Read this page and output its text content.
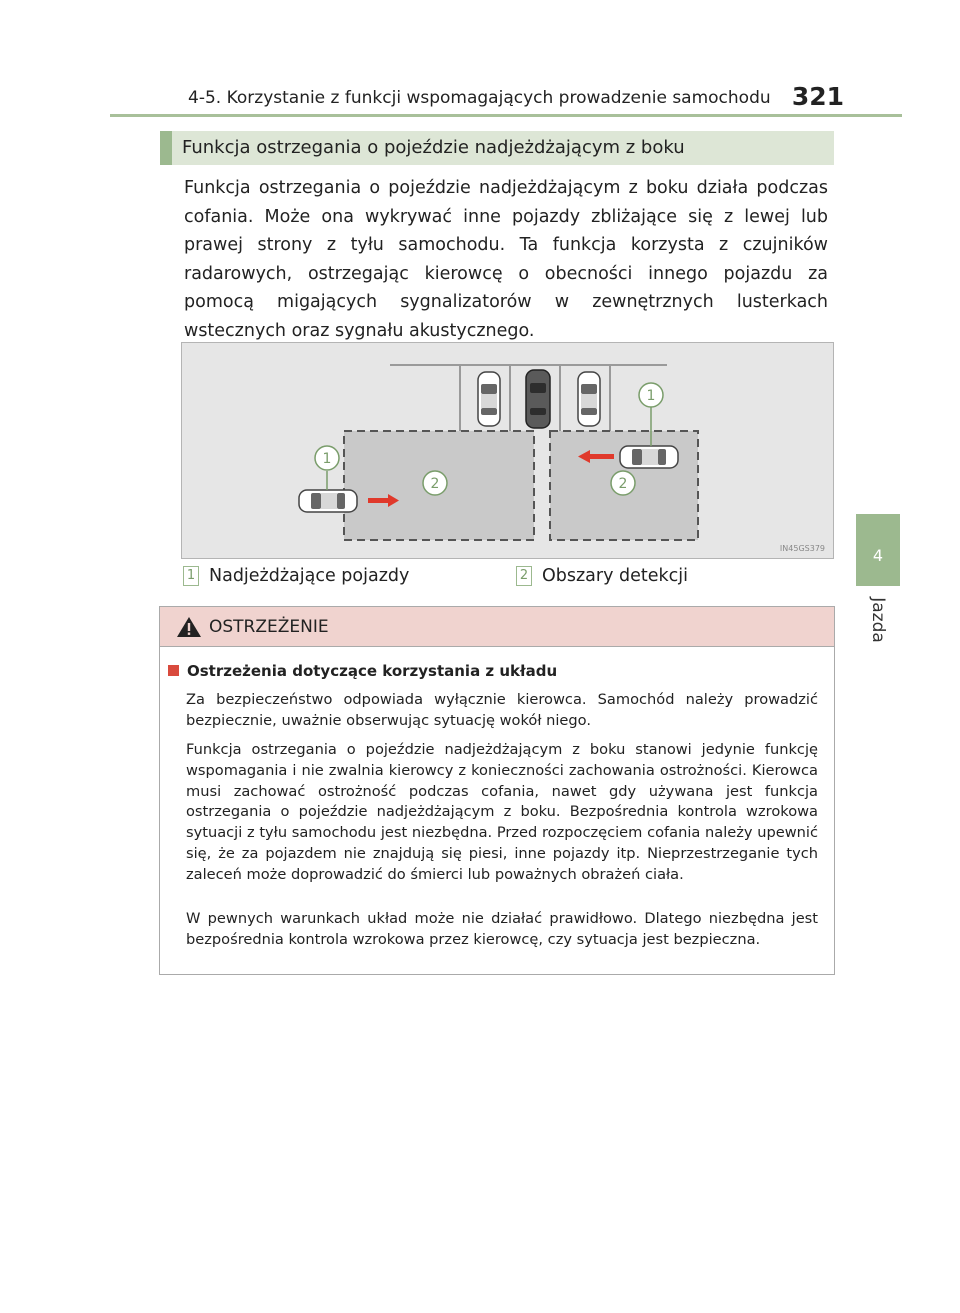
4-5. Korzystanie z funkcji wspomagających prowadzenie samochodu 321
4
Jazda
Funkcja ostrzegania o pojeździe nadjeżdżającym z boku

Funkcja ostrzegania o pojeździe nadjeżdżającym z boku działa podczas cofania. Może ona wykrywać inne pojazdy zbliżające się z lewej lub prawej strony z tyłu samochodu. Ta funkcja korzysta z czujników radarowych, ostrzegając kierowcę o obecności innego pojazdu za pomocą migających sygnalizatorów w zewnętrznych lusterkach wstecznych oraz sygnału akustycznego.

1
2
1
2
IN45GS379
1 Nadjeżdżające pojazdy	2 Obszary detekcji
OSTRZEŻENIE
Ostrzeżenia dotyczące korzystania z układu

Za bezpieczeństwo odpowiada wyłącznie kierowca. Samochód należy prowadzić bezpiecznie, uważnie obserwując sytuację wokół niego.

Funkcja ostrzegania o pojeździe nadjeżdżającym z boku stanowi jedynie funkcję wspomagania i nie zwalnia kierowcy z konieczności zachowania ostrożności. Kierowca musi zachować ostrożność podczas cofania, nawet gdy używana jest funkcja ostrzegania o pojeździe nadjeżdżającym z boku. Bezpośrednia kontrola wzrokowa sytuacji z tyłu samochodu jest niezbędna. Przed rozpoczęciem cofania należy upewnić się, że za pojazdem nie znajdują się piesi, inne pojazdy itp. Nieprzestrzeganie tych zaleceń może doprowadzić do śmierci lub poważnych obrażeń ciała.

W pewnych warunkach układ może nie działać prawidłowo. Dlatego niezbędna jest bezpośrednia kontrola wzrokowa przez kierowcę, czy sytuacja jest bezpieczna.
